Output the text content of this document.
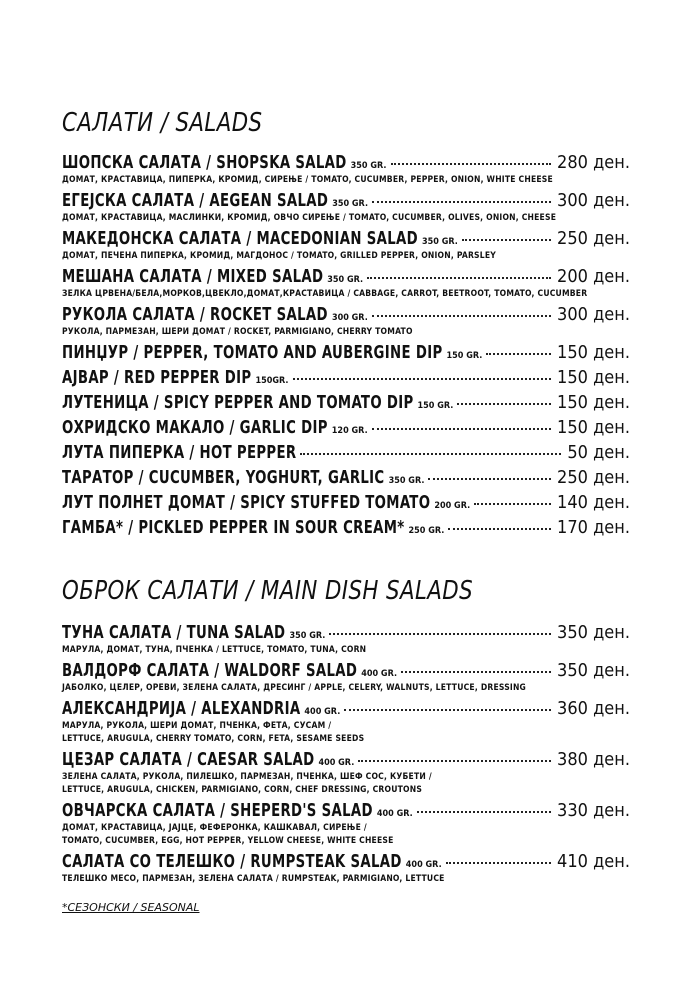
САЛАТИ / SALADS
ШОПСКА САЛАТА / SHOPSKA SALAD 350 GR.	280 ден.
ДОМАТ, КРАСТАВИЦА, ПИПЕРКА, КРОМИД, СИРЕЊЕ / TOMATO, CUCUMBER, PEPPER, ONION, WHITE CHEESE
ЕГЕЈСКА САЛАТА / AEGEAN SALAD 350 GR.	300 ден.
ДОМАТ, КРАСТАВИЦА, МАСЛИНКИ, КРОМИД, ОВЧО СИРЕЊЕ / TOMATO, CUCUMBER, OLIVES, ONION, CHEESE
МАКЕДОНСКА САЛАТА / MACEDONIAN SALAD 350 GR.	250 ден.
ДОМАТ, ПЕЧЕНА ПИПЕРКА, КРОМИД, МАГДОНОС / TOMATO, GRILLED PEPPER, ONION, PARSLEY
МЕШАНА САЛАТА / MIXED SALAD 350 GR.	200 ден.
ЗЕЛКА ЦРВЕНА/БЕЛА,МОРКОВ,ЦВЕКЛО,ДОМАТ,КРАСТАВИЦА / CABBAGE, CARROT, BEETROOT, TOMATO, CUCUMBER
РУКОЛА САЛАТА / ROCKET SALAD 300 GR.	300 ден.
РУКОЛА, ПАРМЕЗАН, ШЕРИ ДОМАТ / ROCKET, PARMIGIANO, CHERRY TOMATO
ПИНЏУР / PEPPER, TOMATO AND AUBERGINE DIP 150 GR.	150 ден.
АЈВАР / RED PEPPER DIP 150GR.	150 ден.
ЛУТЕНИЦА / SPICY PEPPER AND TOMATO DIP 150 GR.	150 ден.
ОХРИДСКО МАКАЛО / GARLIC DIP 120 GR.	150 ден.
ЛУТА ПИПЕРКА / HOT PEPPER	50 ден.
ТАРАТОР / CUCUMBER, YOGHURT, GARLIC 350 GR.	250 ден.
ЛУТ ПОЛНЕТ ДОМАТ / SPICY STUFFED TOMATO 200 GR.	140 ден.
ГАМБА* / PICKLED PEPPER IN SOUR CREAM* 250 GR.	170 ден.
ОБРОК САЛАТИ / MAIN DISH SALADS
ТУНА САЛАТА / TUNA SALAD 350 GR.	350 ден.
МАРУЛА, ДОМАТ, ТУНА, ПЧЕНКА / LETTUCE, TOMATO, TUNA, CORN
ВАЛДОРФ САЛАТА / WALDORF SALAD 400 GR.	350 ден.
ЈАБОЛКО, ЦЕЛЕР, ОРЕВИ, ЗЕЛЕНА САЛАТА, ДРЕСИНГ / APPLE, CELERY, WALNUTS, LETTUCE, DRESSING
АЛЕКСАНДРИЈА / ALEXANDRIA 400 GR.	360 ден.
МАРУЛА, РУКОЛА, ШЕРИ ДОМАТ, ПЧЕНКА, ФЕТА, СУСАМ /
LETTUCE, ARUGULA, CHERRY TOMATO, CORN, FETA, SESAME SEEDS
ЦЕЗАР САЛАТА / CAESAR SALAD 400 GR.	380 ден.
ЗЕЛЕНА САЛАТА, РУКОЛА, ПИЛЕШКО, ПАРМЕЗАН, ПЧЕНКА, ШЕФ СОС, КУБЕТИ /
LETTUCE, ARUGULA, CHICKEN, PARMIGIANO, CORN, CHEF DRESSING, CROUTONS
ОВЧАРСКА САЛАТА / SHEPERD'S SALAD 400 GR.	330 ден.
ДОМАТ, КРАСТАВИЦА, ЈАЈЦЕ, ФЕФЕРОНКА, КАШКАВАЛ, СИРЕЊЕ /
TOMATO, CUCUMBER, EGG, HOT PEPPER, YELLOW CHEESE, WHITE CHEESE
САЛАТА СО ТЕЛЕШКО / RUMPSTEAK SALAD 400 GR.	410 ден.
ТЕЛЕШКО МЕСО, ПАРМЕЗАН, ЗЕЛЕНА САЛАТА / RUMPSTEAK, PARMIGIANO, LETTUCE
*СЕЗОНСКИ / SEASONAL
